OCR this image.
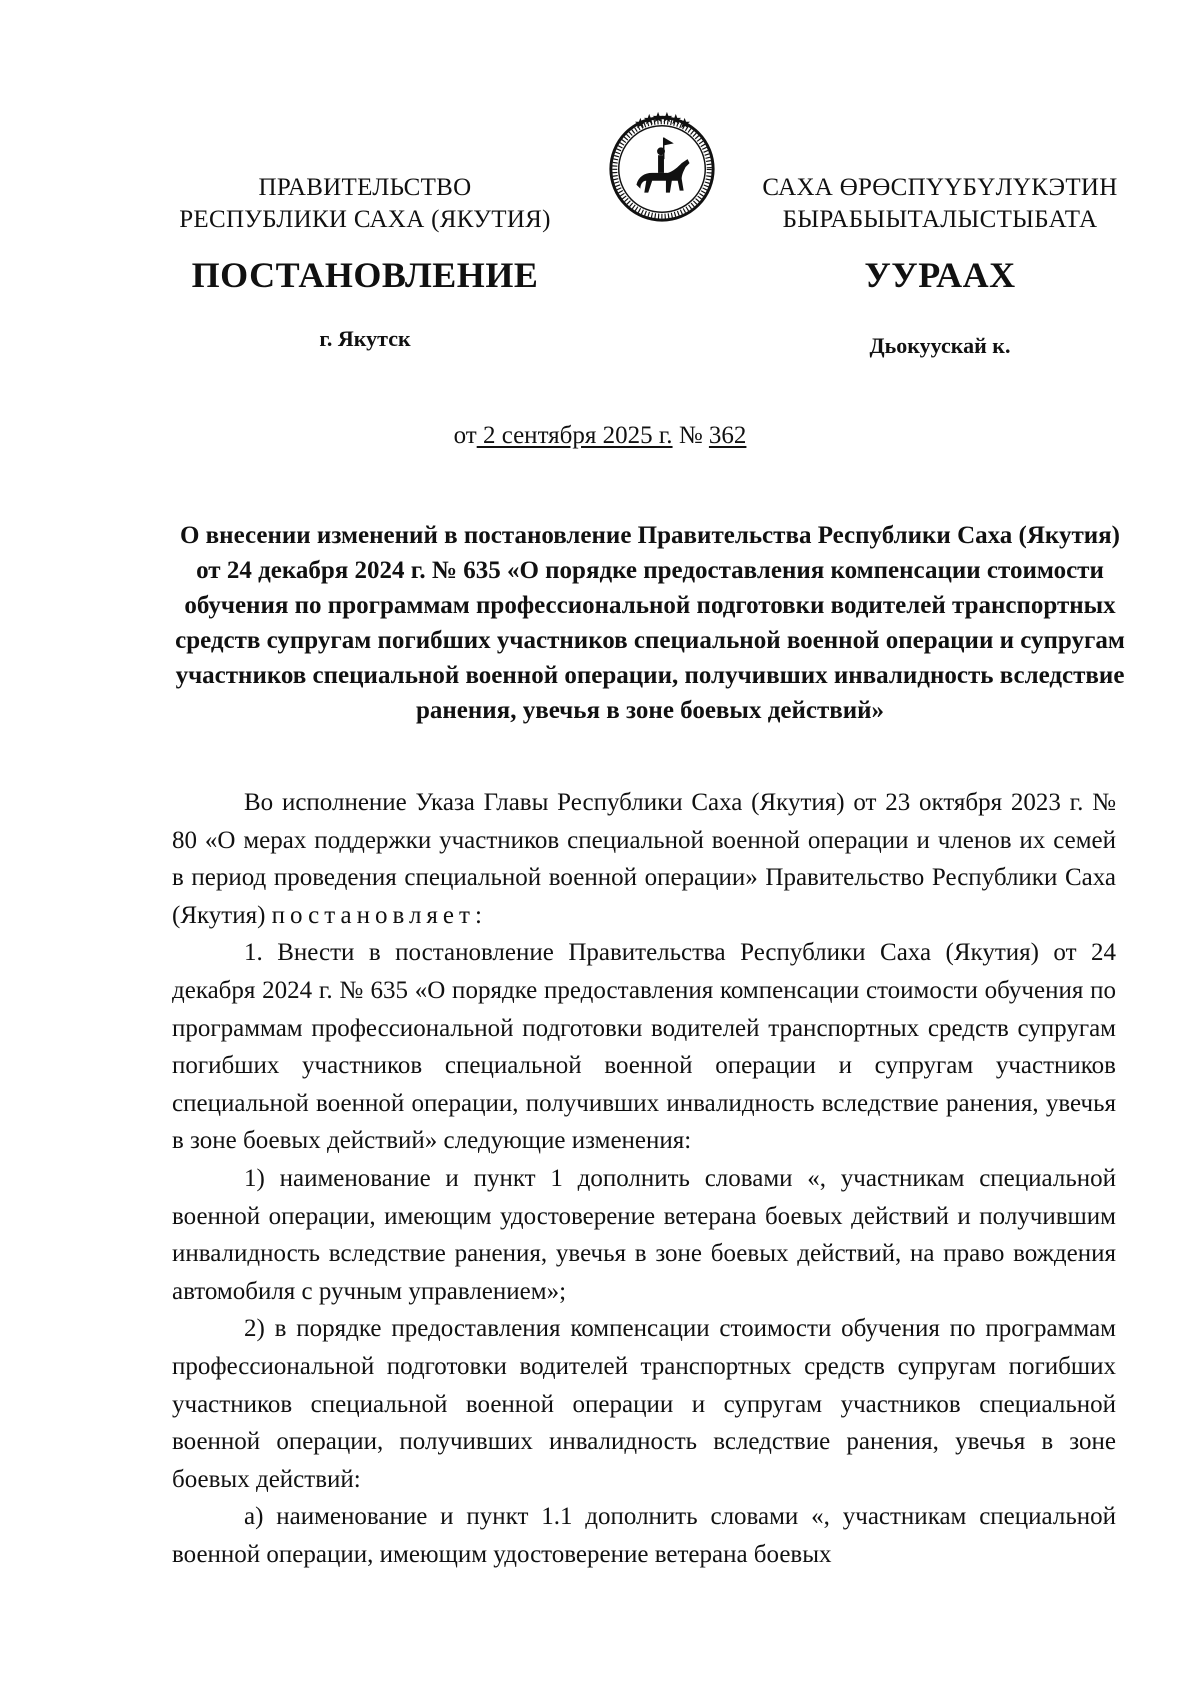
ПРАВИТЕЛЬСТВО
РЕСПУБЛИКИ САХА (ЯКУТИЯ)
САХА ӨРӨСПҮҮБҮЛҮКЭТИН
БЫРАБЫЫТАЛЫСТЫБАТА
ПОСТАНОВЛЕНИЕ	УУРААХ
г. Якутск	Дьокуускай к.
от 2 сентября 2025 г. № 362
О внесении изменений в постановление Правительства Республики Саха (Якутия) от 24 декабря 2024 г. № 635 «О порядке предоставления компенсации стоимости обучения по программам профессиональной подготовки водителей транспортных средств супругам погибших участников специальной военной операции и супругам участников специальной военной операции, получивших инвалидность вследствие ранения, увечья в зоне боевых действий»

Во исполнение Указа Главы Республики Саха (Якутия) от 23 октября 2023 г. № 80 «О мерах поддержки участников специальной военной операции и членов их семей в период проведения специальной военной операции» Правительство Республики Саха (Якутия) постановляет:

1. Внести в постановление Правительства Республики Саха (Якутия) от 24 декабря 2024 г. № 635 «О порядке предоставления компенсации стоимости обучения по программам профессиональной подготовки водителей транспортных средств супругам погибших участников специальной военной операции и супругам участников специальной военной операции, получивших инвалидность вследствие ранения, увечья в зоне боевых действий» следующие изменения:

1) наименование и пункт 1 дополнить словами «, участникам специальной военной операции, имеющим удостоверение ветерана боевых действий и получившим инвалидность вследствие ранения, увечья в зоне боевых действий, на право вождения автомобиля с ручным управлением»;

2) в порядке предоставления компенсации стоимости обучения по программам профессиональной подготовки водителей транспортных средств супругам погибших участников специальной военной операции и супругам участников специальной военной операции, получивших инвалидность вследствие ранения, увечья в зоне боевых действий:

а) наименование и пункт 1.1 дополнить словами «, участникам специальной военной операции, имеющим удостоверение ветерана боевых
